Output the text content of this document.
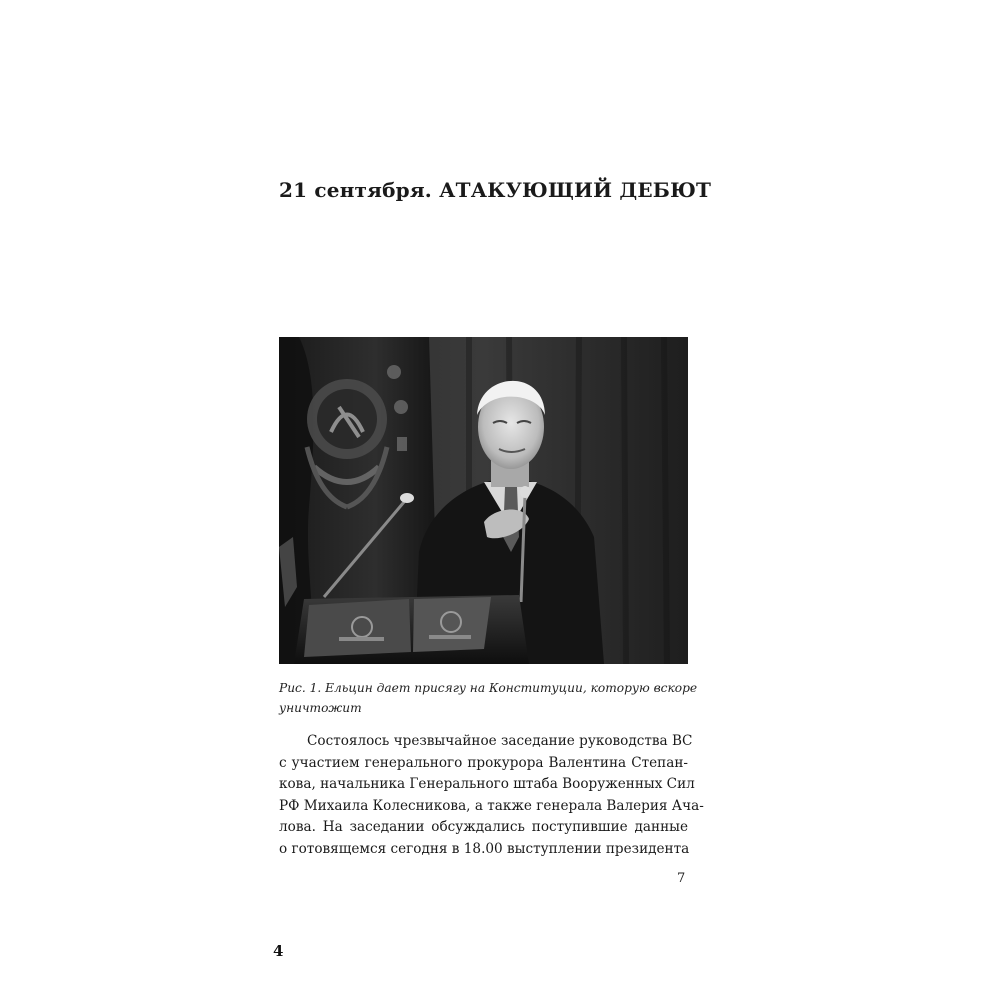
21 сентября. АТАКУЮЩИЙ ДЕБЮТ
Рис. 1. Ельцин дает присягу на Конституции, которую вскоре
уничтожит
Состоялось чрезвычайное заседание руководства ВС
с участием генерального прокурора Валентина Степан-
кова, начальника Генерального штаба Вооруженных Сил
РФ Михаила Колесникова, а также генерала Валерия Ача-
лова. На заседании обсуждались поступившие данные
о готовящемся сегодня в 18.00 выступлении президента
7
4
